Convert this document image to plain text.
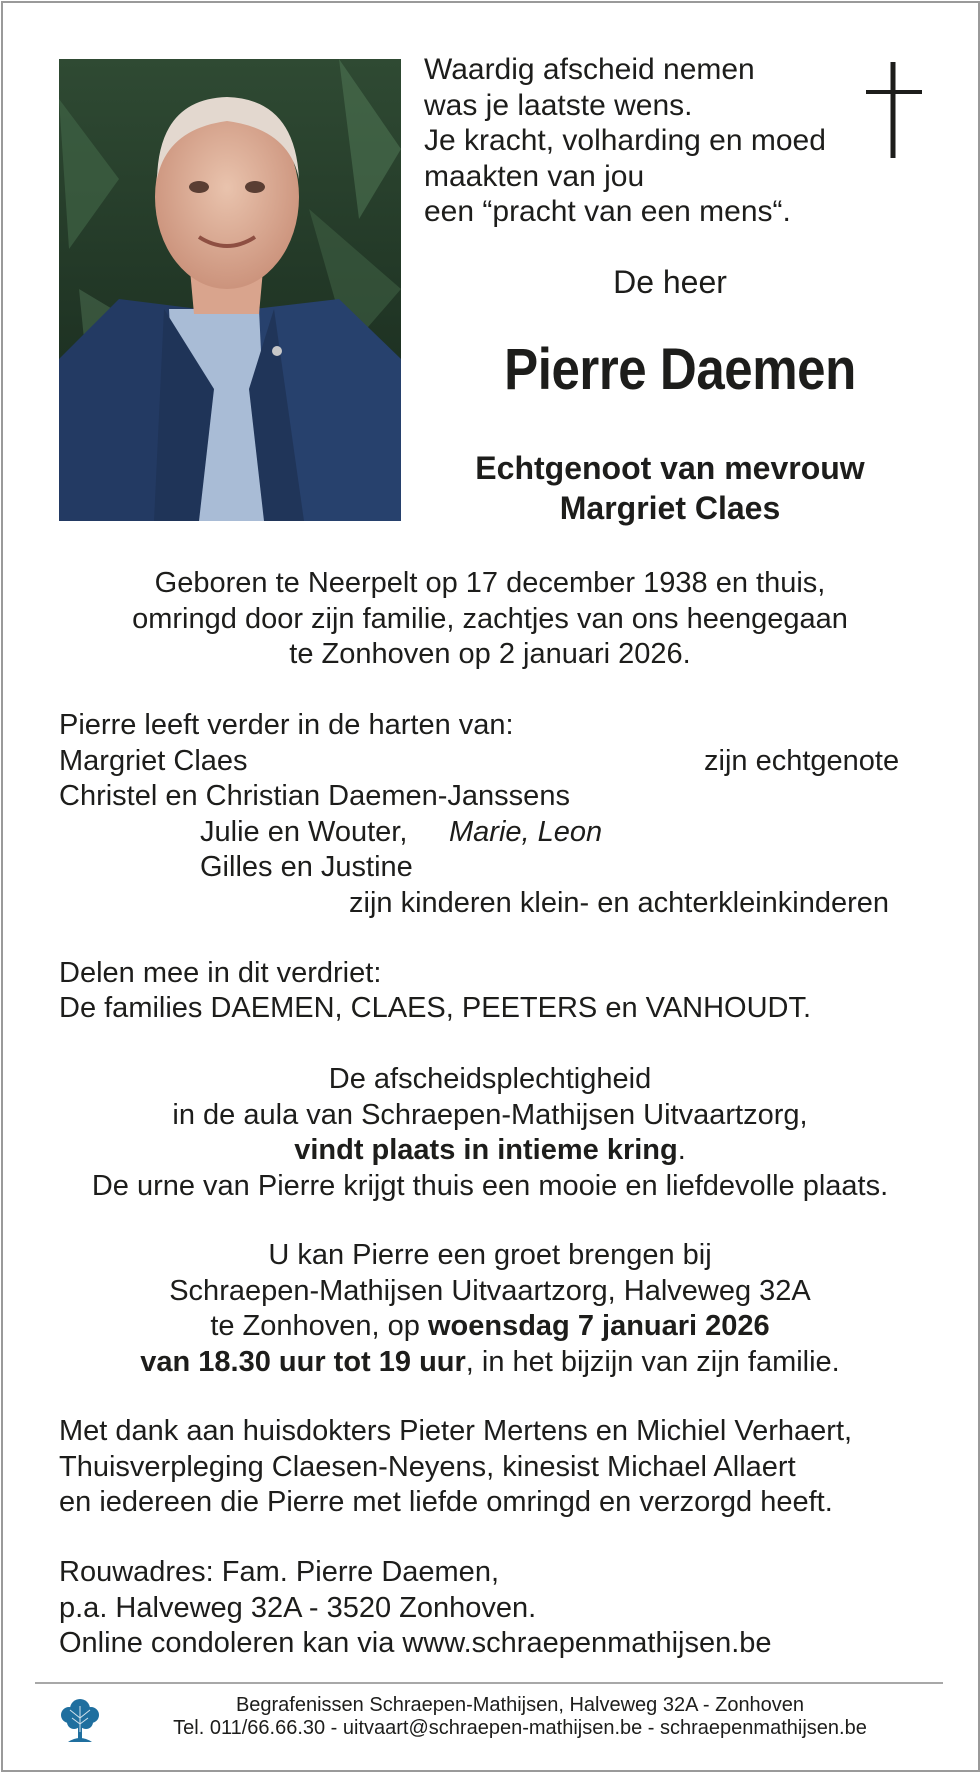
Waardig afscheid nemen
was je laatste wens.
Je kracht, volharding en moed
maakten van jou
een “pracht van een mens“.
De heer
Pierre Daemen
Echtgenoot van mevrouw
Margriet Claes
Geboren te Neerpelt op 17 december 1938 en thuis,
omringd door zijn familie, zachtjes van ons heengegaan
te Zonhoven op 2 januari 2026.
Pierre leeft verder in de harten van:
Margriet Claes	zijn echtgenote
Christel en Christian Daemen-Janssens
Julie en Wouter, Marie, Leon
Gilles en Justine
zijn kinderen klein- en achterkleinkinderen
Delen mee in dit verdriet:
De families DAEMEN, CLAES, PEETERS en VANHOUDT.
De afscheidsplechtigheid
in de aula van Schraepen-Mathijsen Uitvaartzorg,
vindt plaats in intieme kring.
De urne van Pierre krijgt thuis een mooie en liefdevolle plaats.
U kan Pierre een groet brengen bij
Schraepen-Mathijsen Uitvaartzorg, Halveweg 32A
te Zonhoven, op woensdag 7 januari 2026
van 18.30 uur tot 19 uur, in het bijzijn van zijn familie.
Met dank aan huisdokters Pieter Mertens en Michiel Verhaert,
Thuisverpleging Claesen-Neyens, kinesist Michael Allaert
en iedereen die Pierre met liefde omringd en verzorgd heeft.
Rouwadres: Fam. Pierre Daemen,
p.a. Halveweg 32A - 3520 Zonhoven.
Online condoleren kan via www.schraepenmathijsen.be
Begrafenissen Schraepen-Mathijsen, Halveweg 32A - Zonhoven
Tel. 011/66.66.30 - uitvaart@schraepen-mathijsen.be - schraepenmathijsen.be
